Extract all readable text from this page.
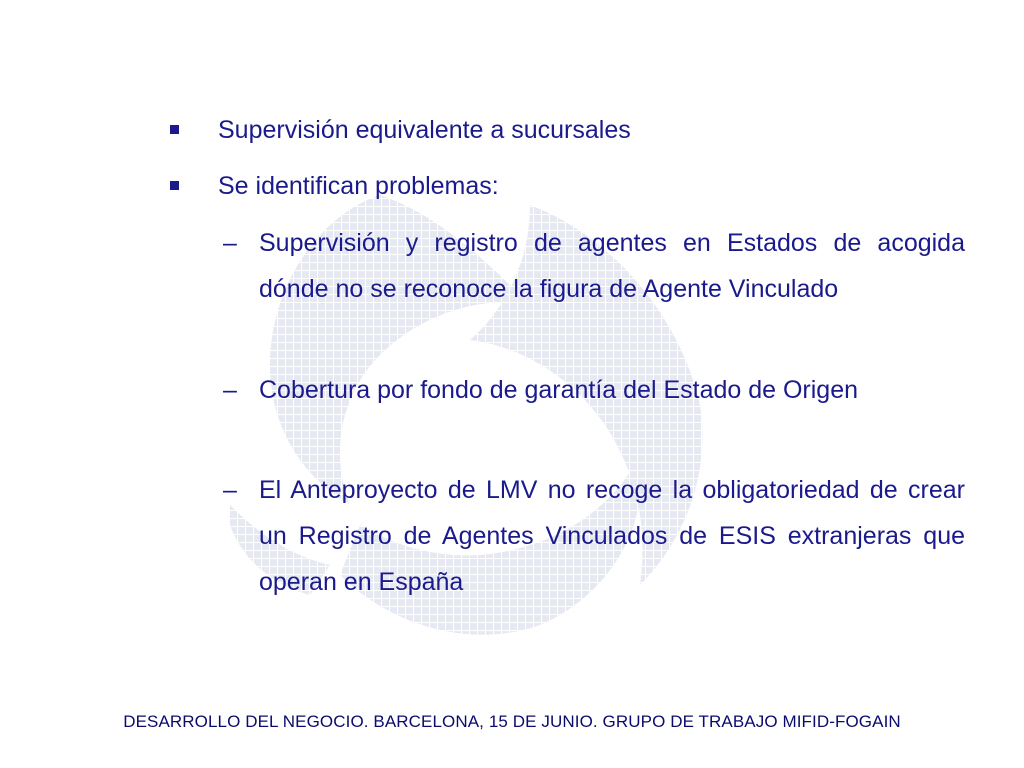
Supervisión equivalente a sucursales
Se identifican problemas:
– Supervisión y registro de agentes en Estados de acogida dónde no se reconoce la figura de Agente Vinculado
– Cobertura por fondo de garantía del Estado de Origen
– El Anteproyecto de LMV no recoge la obligatoriedad de crear un Registro de Agentes Vinculados de ESIS extranjeras que operan en España
DESARROLLO DEL NEGOCIO. BARCELONA, 15 DE JUNIO. GRUPO DE TRABAJO MIFID-FOGAIN
